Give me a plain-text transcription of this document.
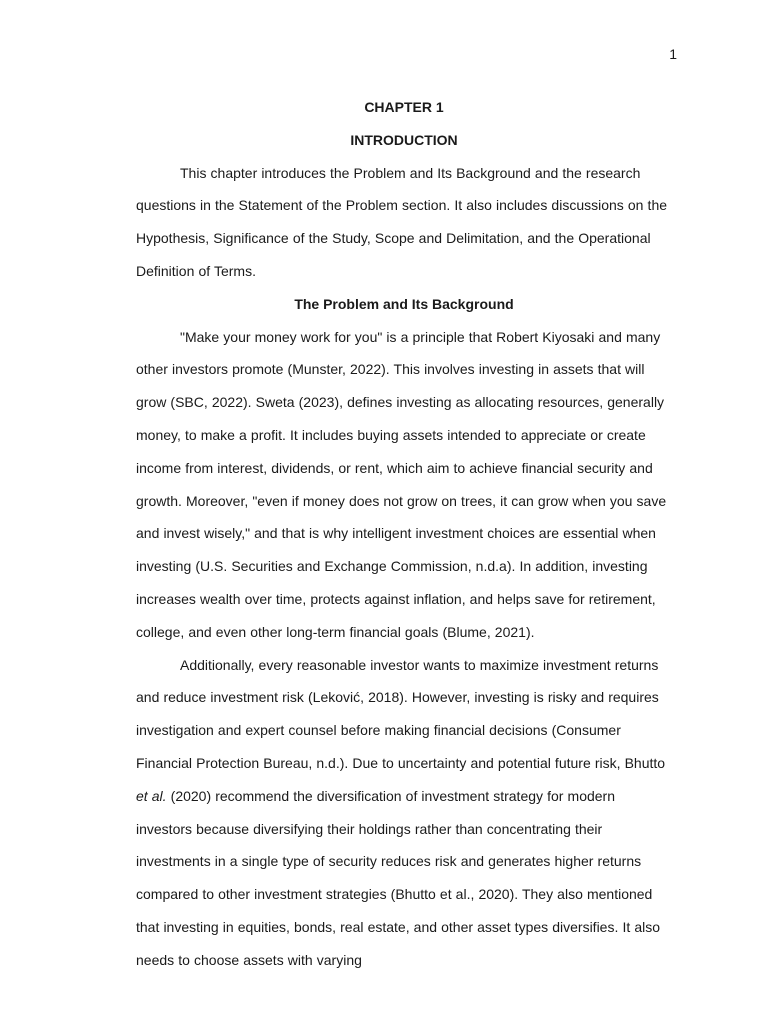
1

CHAPTER 1

INTRODUCTION

This chapter introduces the Problem and Its Background and the research questions in the Statement of the Problem section. It also includes discussions on the Hypothesis, Significance of the Study, Scope and Delimitation, and the Operational Definition of Terms.

The Problem and Its Background

"Make your money work for you" is a principle that Robert Kiyosaki and many other investors promote (Munster, 2022). This involves investing in assets that will grow (SBC, 2022). Sweta (2023), defines investing as allocating resources, generally money, to make a profit. It includes buying assets intended to appreciate or create income from interest, dividends, or rent, which aim to achieve financial security and growth. Moreover, "even if money does not grow on trees, it can grow when you save and invest wisely," and that is why intelligent investment choices are essential when investing (U.S. Securities and Exchange Commission, n.d.a). In addition, investing increases wealth over time, protects against inflation, and helps save for retirement, college, and even other long-term financial goals (Blume, 2021).

Additionally, every reasonable investor wants to maximize investment returns and reduce investment risk (Leković, 2018). However, investing is risky and requires investigation and expert counsel before making financial decisions (Consumer Financial Protection Bureau, n.d.). Due to uncertainty and potential future risk, Bhutto et al. (2020) recommend the diversification of investment strategy for modern investors because diversifying their holdings rather than concentrating their investments in a single type of security reduces risk and generates higher returns compared to other investment strategies (Bhutto et al., 2020). They also mentioned that investing in equities, bonds, real estate, and other asset types diversifies. It also needs to choose assets with varying
